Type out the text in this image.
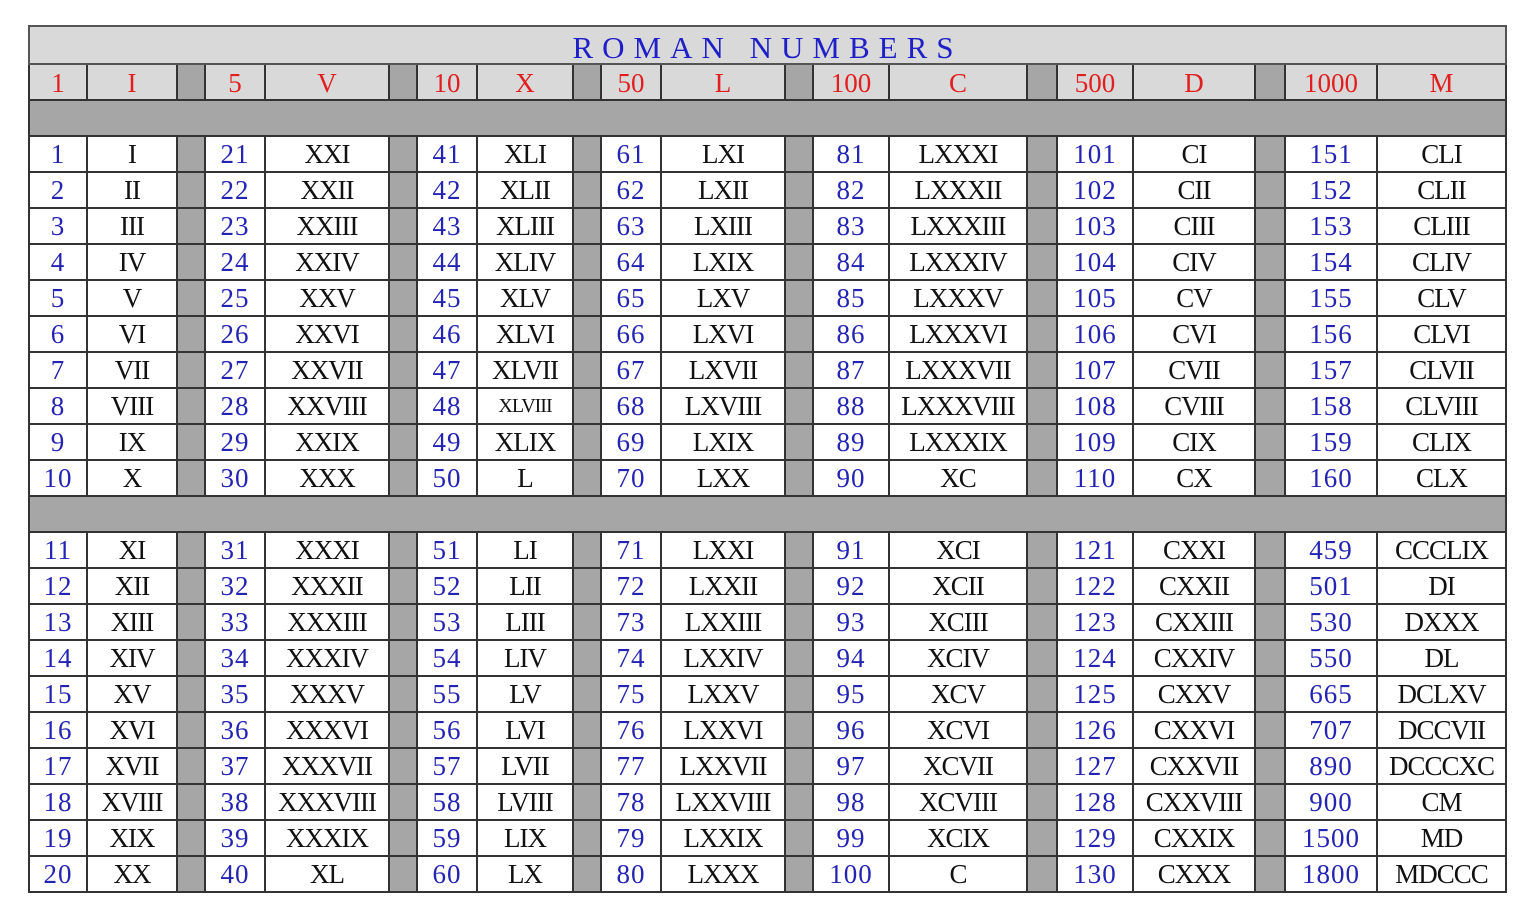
ROMAN NUMBERS
1	I	5	V	10	X	50	L	100	C	500	D	1000	M
1	I	21	XXI	41	XLI	61	LXI	81	LXXXI	101	CI	151	CLI
2	II	22	XXII	42	XLII	62	LXII	82	LXXXII	102	CII	152	CLII
3	III	23	XXIII	43	XLIII	63	LXIII	83	LXXXIII	103	CIII	153	CLIII
4	IV	24	XXIV	44	XLIV	64	LXIX	84	LXXXIV	104	CIV	154	CLIV
5	V	25	XXV	45	XLV	65	LXV	85	LXXXV	105	CV	155	CLV
6	VI	26	XXVI	46	XLVI	66	LXVI	86	LXXXVI	106	CVI	156	CLVI
7	VII	27	XXVII	47	XLVII	67	LXVII	87	LXXXVII	107	CVII	157	CLVII
8	VIII	28	XXVIII	48	XLVIII	68	LXVIII	88	LXXXVIII	108	CVIII	158	CLVIII
9	IX	29	XXIX	49	XLIX	69	LXIX	89	LXXXIX	109	CIX	159	CLIX
10	X	30	XXX	50	L	70	LXX	90	XC	110	CX	160	CLX
11	XI	31	XXXI	51	LI	71	LXXI	91	XCI	121	CXXI	459	CCCLIX
12	XII	32	XXXII	52	LII	72	LXXII	92	XCII	122	CXXII	501	DI
13	XIII	33	XXXIII	53	LIII	73	LXXIII	93	XCIII	123	CXXIII	530	DXXX
14	XIV	34	XXXIV	54	LIV	74	LXXIV	94	XCIV	124	CXXIV	550	DL
15	XV	35	XXXV	55	LV	75	LXXV	95	XCV	125	CXXV	665	DCLXV
16	XVI	36	XXXVI	56	LVI	76	LXXVI	96	XCVI	126	CXXVI	707	DCCVII
17	XVII	37	XXXVII	57	LVII	77	LXXVII	97	XCVII	127	CXXVII	890	DCCCXC
18	XVIII	38	XXXVIII	58	LVIII	78	LXXVIII	98	XCVIII	128	CXXVIII	900	CM
19	XIX	39	XXXIX	59	LIX	79	LXXIX	99	XCIX	129	CXXIX	1500	MD
20	XX	40	XL	60	LX	80	LXXX	100	C	130	CXXX	1800	MDCCC
